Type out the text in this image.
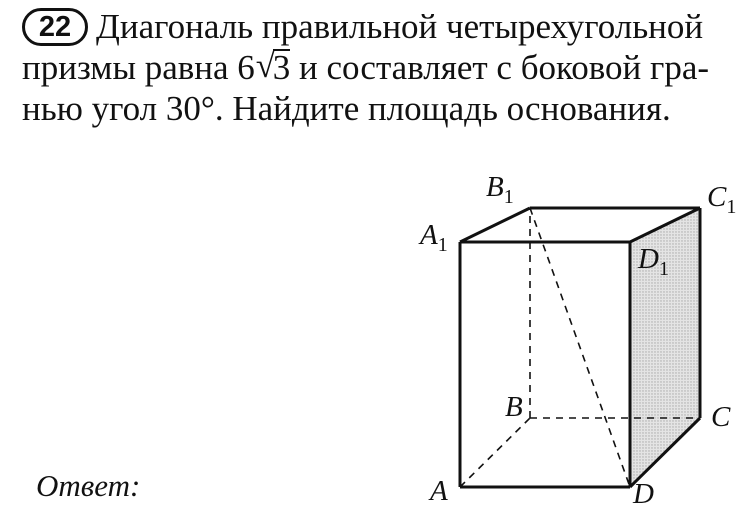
22 Диагональ правильной четырехугольной
призмы равна 6 √
3 и составляет с боковой гра-
нью угол 30°. Найдите площадь основания.
Ответ:
$B_1$	$C_1$
$A_1$	$D_1$
B	C
A	D
